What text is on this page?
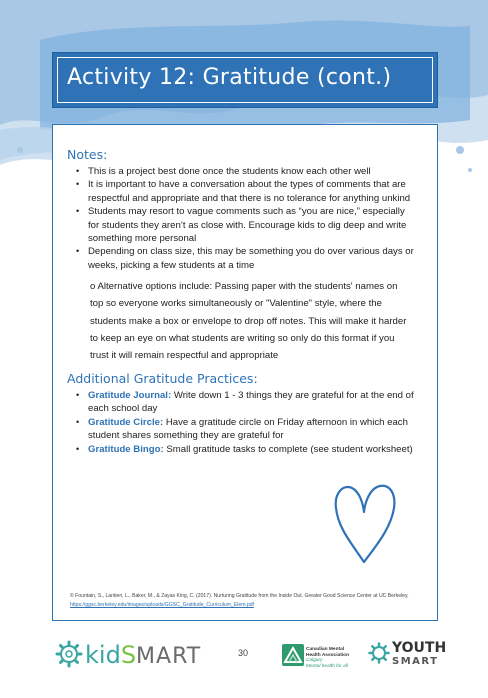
Activity 12: Gratitude (cont.)
Notes:
• This is a project best done once the students know each other well
• It is important to have a conversation about the types of comments that are respectful and appropriate and that there is no tolerance for anything unkind
• Students may resort to vague comments such as “you are nice,” especially for students they aren’t as close with. Encourage kids to dig deep and write something more personal
• Depending on class size, this may be something you do over various days or weeks, picking a few students at a time
o Alternative options include: Passing paper with the students' names on top so everyone works simultaneously or "Valentine" style, where the students make a box or envelope to drop off notes. This will make it harder to keep an eye on what students are writing so only do this format if you trust it will remain respectful and appropriate
Additional Gratitude Practices:
• Gratitude Journal: Write down 1 - 3 things they are grateful for at the end of each school day
• Gratitude Circle: Have a gratitude circle on Friday afternoon in which each student shares something they are grateful for
• Gratitude Bingo: Small gratitude tasks to complete (see student worksheet)
© Fountain, S., Lantieri, L., Baker, M., & Zayas King, C. (2017). Nurturing Gratitude from the Inside Out. Greater Good Science Center at UC Berkeley. https://ggsc.berkeley.edu/images/uploads/GGSC_Gratitude_Curriculum_Elem.pdf
kidSMART	30	Canadian Mental Health Association
Calgary
Mental health for all
YOUTH
SMART
